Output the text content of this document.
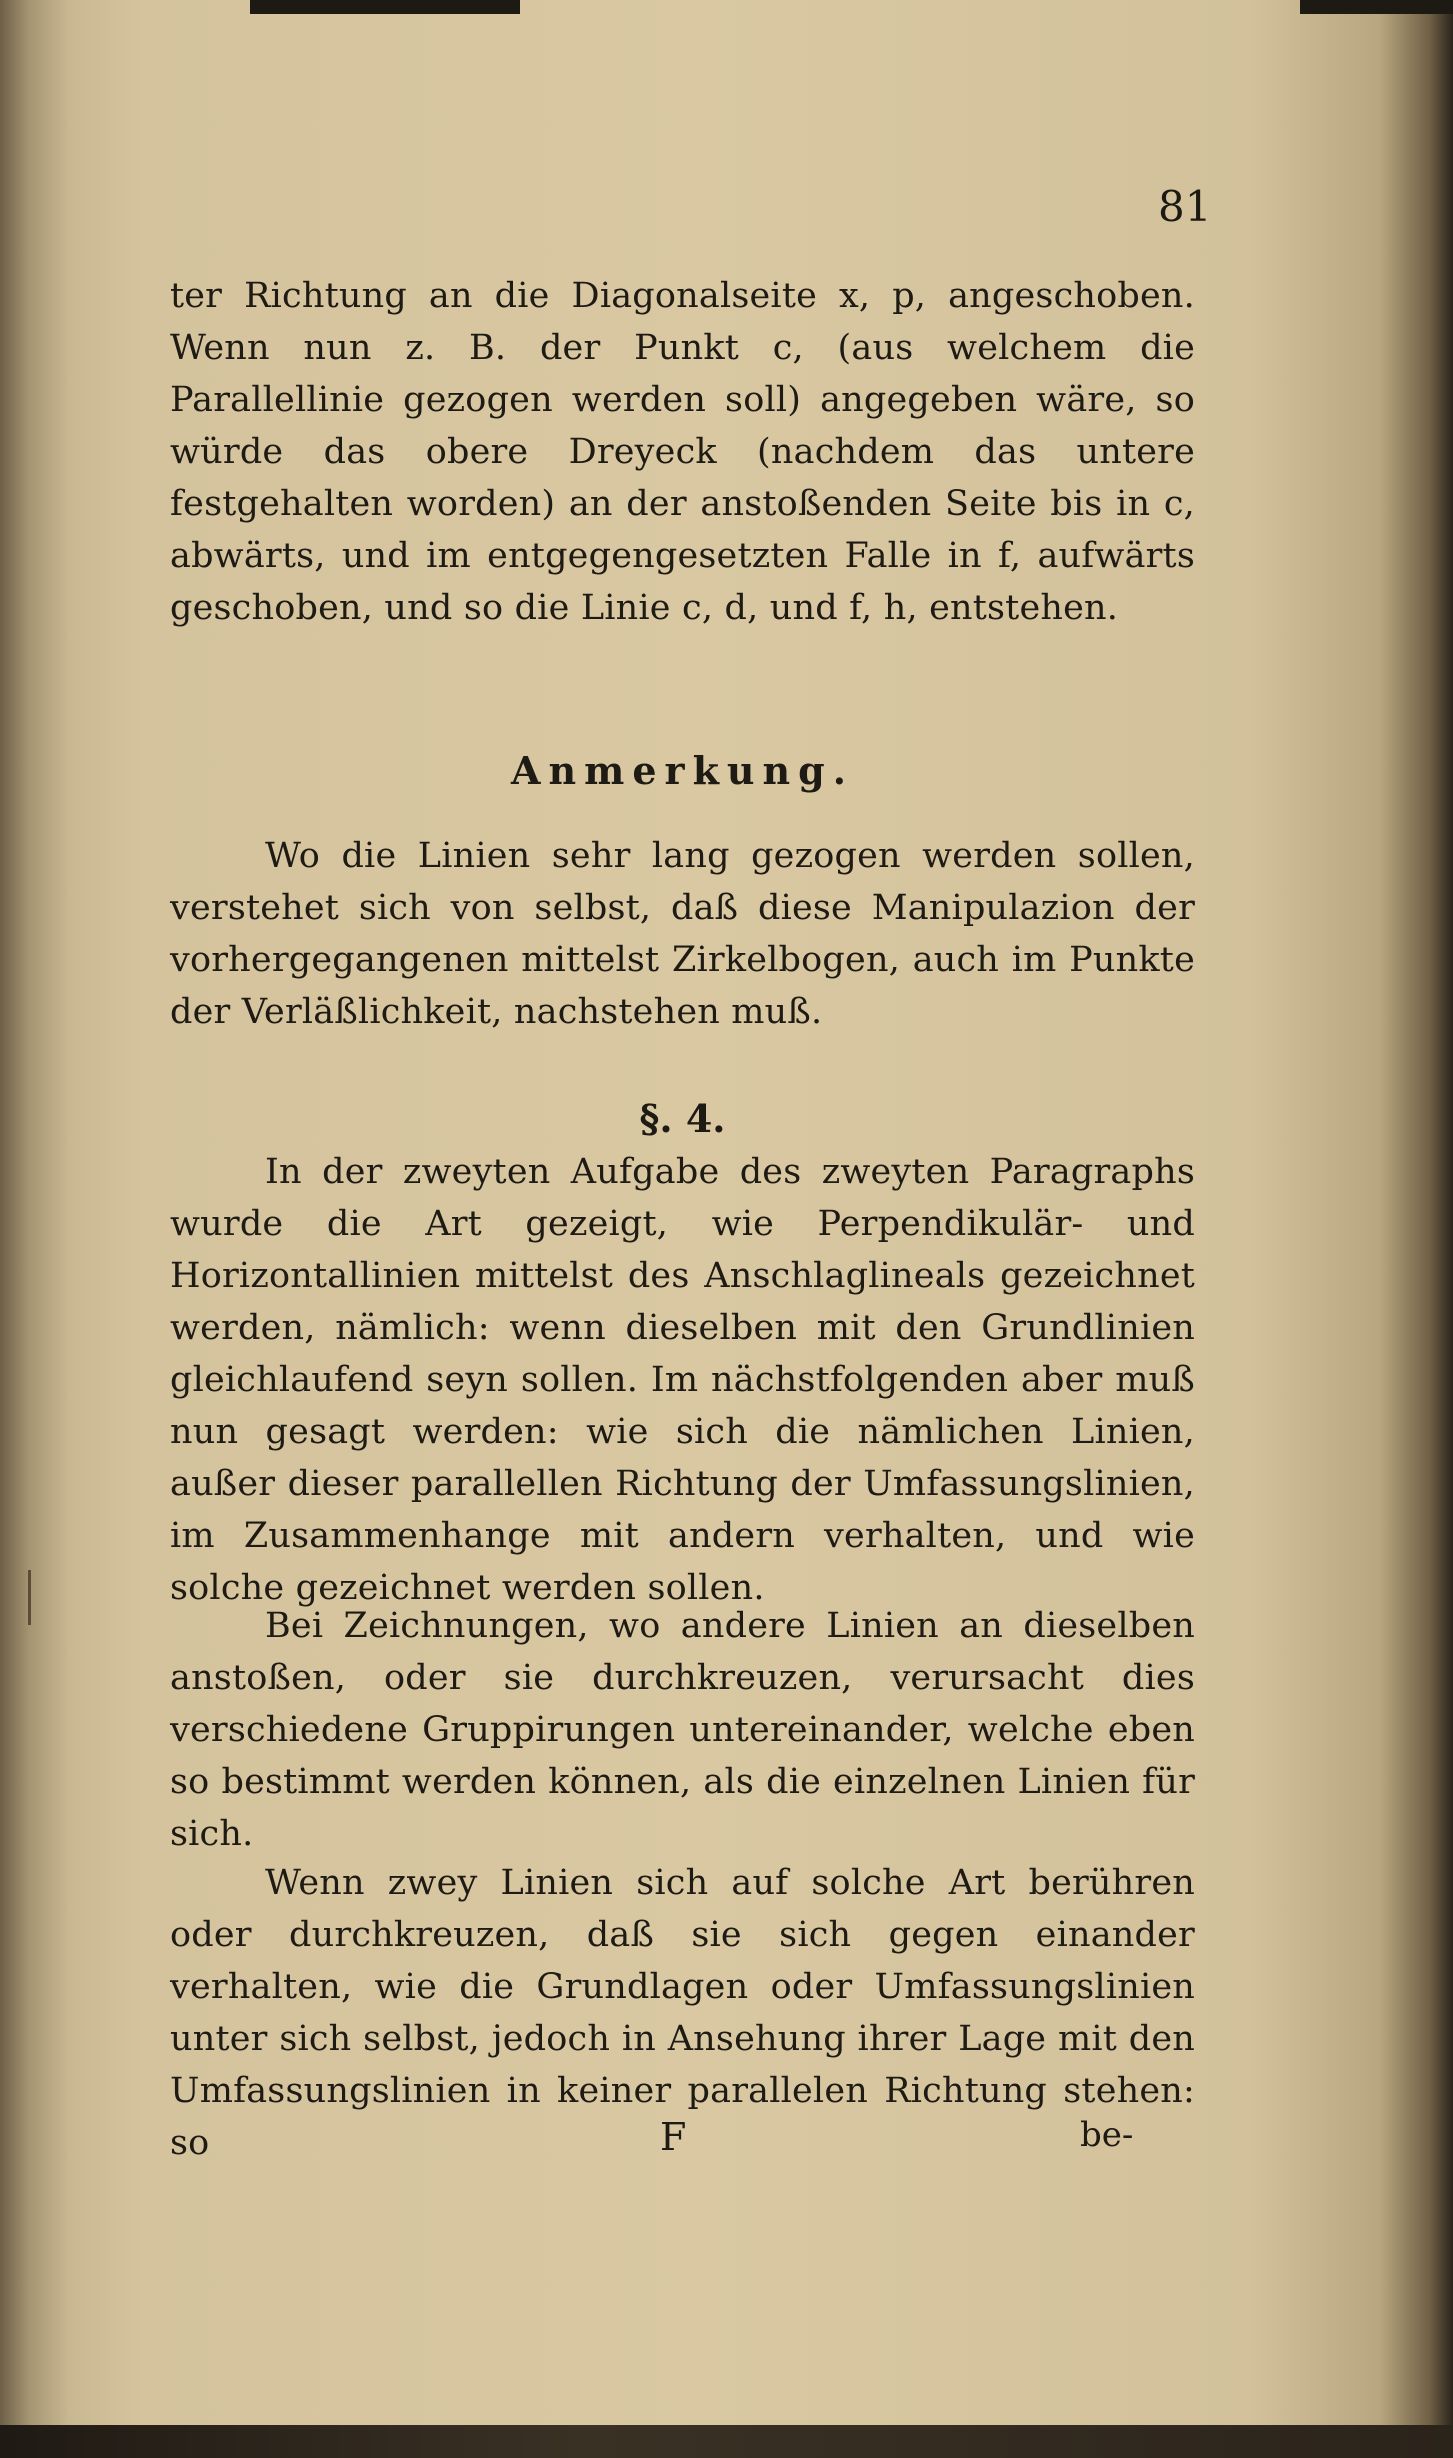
81

ter Richtung an die Diagonalseite x, p, angeschoben. Wenn nun z. B. der Punkt c, (aus welchem die Parallellinie gezogen werden soll) angegeben wäre, so würde das obere Dreyeck (nachdem das untere festgehalten worden) an der anstoßenden Seite bis in c, abwärts, und im entgegengesetzten Falle in f, aufwärts geschoben, und so die Linie c, d, und f, h, entstehen.

Anmerkung.

Wo die Linien sehr lang gezogen werden sollen, verstehet sich von selbst, daß diese Manipulazion der vorhergegangenen mittelst Zirkelbogen, auch im Punkte der Verläßlichkeit, nachstehen muß.

§. 4.

In der zweyten Aufgabe des zweyten Paragraphs wurde die Art gezeigt, wie Perpendikulär- und Horizontallinien mittelst des Anschlaglineals gezeichnet werden, nämlich: wenn dieselben mit den Grundlinien gleichlaufend seyn sollen. Im nächstfolgenden aber muß nun gesagt werden: wie sich die nämlichen Linien, außer dieser parallellen Richtung der Umfassungslinien, im Zusammenhange mit andern verhalten, und wie solche gezeichnet werden sollen.

Bei Zeichnungen, wo andere Linien an dieselben anstoßen, oder sie durchkreuzen, verursacht dies verschiedene Gruppirungen untereinander, welche eben so bestimmt werden können, als die einzelnen Linien für sich.

Wenn zwey Linien sich auf solche Art berühren oder durchkreuzen, daß sie sich gegen einander verhalten, wie die Grundlagen oder Umfassungslinien unter sich selbst, jedoch in Ansehung ihrer Lage mit den Umfassungslinien in keiner parallelen Richtung stehen: so	F	be-
